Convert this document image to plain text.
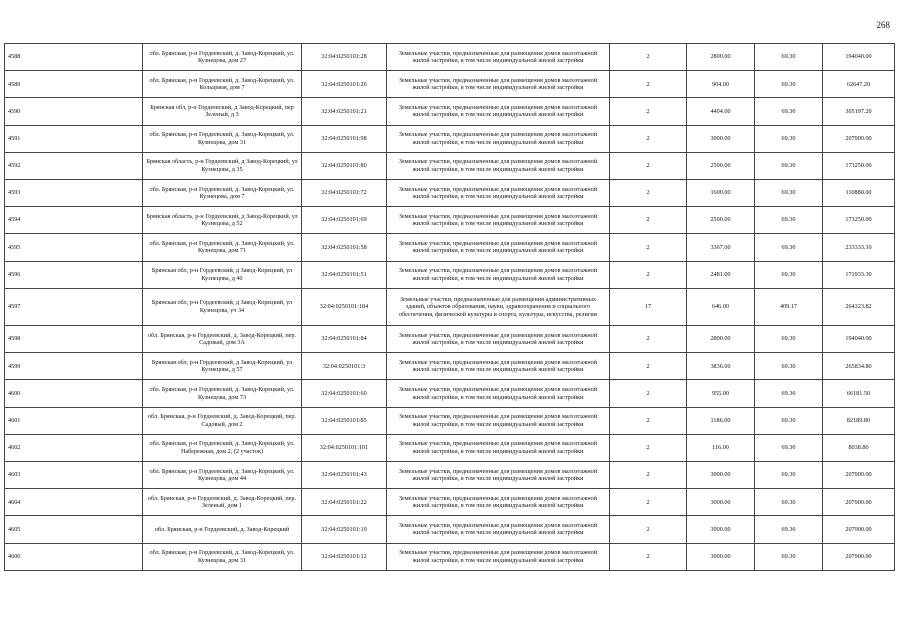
268
4588	обл. Брянская, р-н Гордеевский, д. Завод-Корецкий, ул. Кузнецова, дом 27	32:04:0250101:28	Земельные участки, предназначенные для размещения домов малоэтажной жилой застройки, в том числе индивидуальной жилой застройки	2	2800.00	69.30	194040.00
4589	обл. Брянская, р-н Гордеевский, д. Завод-Корецкий, ул. Кольцевая, дом 7	32:04:0250101:26	Земельные участки, предназначенные для размещения домов малоэтажной жилой застройки, в том числе индивидуальной жилой застройки	2	904.00	69.30	62647.20
4590	Брянская обл, р-н Гордеевский, д Завод-Корецкий, пер Зеленый, д 3	32:04:0250101:21	Земельные участки, предназначенные для размещения домов малоэтажной жилой застройки, в том числе индивидуальной жилой застройки	2	4404.00	69.30	305197.20
4591	обл. Брянская, р-н Гордеевский, д. Завод-Корецкий, ул. Кузнецова, дом 31	32:04:0250101:98	Земельные участки, предназначенные для размещения домов малоэтажной жилой застройки, в том числе индивидуальной жилой застройки	2	3000.00	69.30	207900.00
4592	Брянская область, р-н Гордеевский, д Завод-Корецкий, ул Кузнецова, д 35	32:04:0250101:80	Земельные участки, предназначенные для размещения домов малоэтажной жилой застройки, в том числе индивидуальной жилой застройки	2	2500.00	69.30	173250.00
4593	обл. Брянская, р-н Гордеевский, д. Завод-Корецкий, ул. Кузнецова, дом 7	32:04:0250101:72	Земельные участки, предназначенные для размещения домов малоэтажной жилой застройки, в том числе индивидуальной жилой застройки	2	1600.00	69.30	110880.00
4594	Брянская область, р-н Гордеевский, д Завод-Корецкий, ул Кузнецова, д 52	32:04:0250101:69	Земельные участки, предназначенные для размещения домов малоэтажной жилой застройки, в том числе индивидуальной жилой застройки	2	2500.00	69.30	173250.00
4595	обл. Брянская, р-н Гордеевский, д. Завод-Корецкий, ул. Кузнецова, дом 71	32:04:0250101:58	Земельные участки, предназначенные для размещения домов малоэтажной жилой застройки, в том числе индивидуальной жилой застройки	2	3367.00	69.30	233333.10
4596	Брянская обл, р-н Гордеевский, д Завод-Корецкий, ул Кузнецова, д 40	32:04:0250101:51	Земельные участки, предназначенные для размещения домов малоэтажной жилой застройки, в том числе индивидуальной жилой застройки	2	2481.00	69.30	171933.30
4597	Брянская обл, р-н Гордеевский, д Завод-Корецкий, ул Кузнецова, уч 34	32:04:0250101:184	Земельные участки, предназначенные для размещения административных зданий, объектов образования, науки, здравоохранения и социального обеспечения, физической культуры и спорта, культуры, искусства, религии	17	646.00	409.17	264323.82
4598	обл. Брянская, р-н Гордеевский, д. Завод-Корецкий, пер. Садовый, дом 3А	32:04:0250101:84	Земельные участки, предназначенные для размещения домов малоэтажной жилой застройки, в том числе индивидуальной жилой застройки	2	2800.00	69.30	194040.00
4599	Брянская обл, р-н Гордеевский, д Завод-Корецкий, ул Кузнецова, д 57	32:04:0250101:3	Земельные участки, предназначенные для размещения домов малоэтажной жилой застройки, в том числе индивидуальной жилой застройки	2	3836.00	69.30	265834.80
4600	обл. Брянская, р-н Гордеевский, д. Завод-Корецкий, ул. Кузнецова, дом 73	32:04:0250101:60	Земельные участки, предназначенные для размещения домов малоэтажной жилой застройки, в том числе индивидуальной жилой застройки	2	955.00	69.30	66181.50
4601	обл. Брянская, р-н Гордеевский, д. Завод-Корецкий, пер. Садовый, дом 2	32:04:0250101:85	Земельные участки, предназначенные для размещения домов малоэтажной жилой застройки, в том числе индивидуальной жилой застройки	2	1186.00	69.30	82189.80
4602	обл. Брянская, р-н Гордеевский, д. Завод-Корецкий, ул. Набережная, дом 2, (2 участок)	32:04:0250101:101	Земельные участки, предназначенные для размещения домов малоэтажной жилой застройки, в том числе индивидуальной жилой застройки	2	116.00	69.30	8038.80
4603	обл. Брянская, р-н Гордеевский, д. Завод-Корецкий, ул. Кузнецова, дом 44	32:04:0250101:43	Земельные участки, предназначенные для размещения домов малоэтажной жилой застройки, в том числе индивидуальной жилой застройки	2	3000.00	69.30	207900.00
4604	обл. Брянская, р-н Гордеевский, д. Завод-Корецкий, пер. Зеленый, дом 1	32:04:0250101:22	Земельные участки, предназначенные для размещения домов малоэтажной жилой застройки, в том числе индивидуальной жилой застройки	2	3000.00	69.30	207900.00
4605	обл. Брянская, р-н Гордеевский, д. Завод-Корецкий	32:04:0250101:10	Земельные участки, предназначенные для размещения домов малоэтажной жилой застройки, в том числе индивидуальной жилой застройки	2	3000.00	69.30	207900.00
4606	обл. Брянская, р-н Гордеевский, д. Завод-Корецкий, ул. Кузнецова, дом 31	32:04:0250101:12	Земельные участки, предназначенные для размещения домов малоэтажной жилой застройки, в том числе индивидуальной жилой застройки	2	3000.00	69.30	207900.00
